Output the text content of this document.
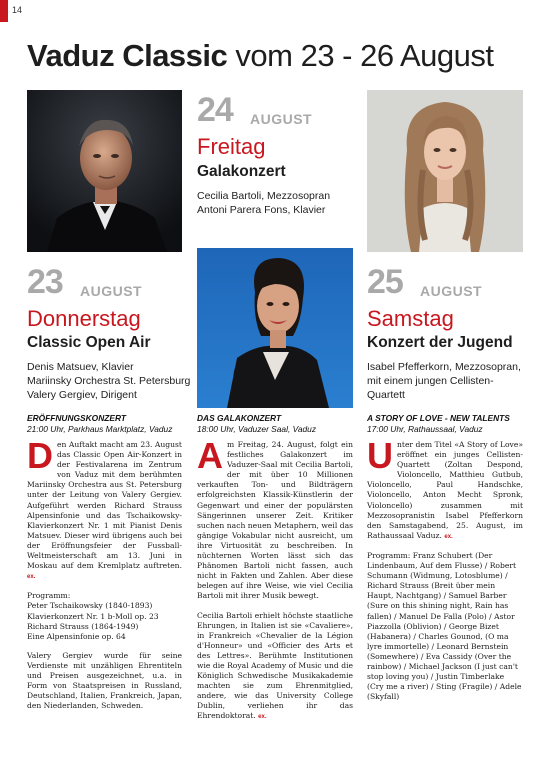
14
Vaduz Classic vom 23 - 26 August
24 AUGUST
Freitag
Galakonzert
Cecilia Bartoli, Mezzosopran
Antoni Parera Fons, Klavier
23 AUGUST
Donnerstag
Classic Open Air
Denis Matsuev, Klavier
Mariinsky Orchestra St. Petersburg
Valery Gergiev, Dirigent
25 AUGUST
Samstag
Konzert der Jugend
Isabel Pfefferkorn, Mezzosopran,
mit einem jungen Cellisten-
Quartett
ERÖFFNUNGSKONZERT
21:00 Uhr, Parkhaus Marktplatz, Vaduz
DAS GALAKONZERT
18:00 Uhr, Vaduzer Saal, Vaduz
A STORY OF LOVE - NEW TALENTS
17:00 Uhr, Rathaussaal, Vaduz

Den Auftakt macht am 23. August das Classic Open Air-Konzert in der Festivalarena im Zentrum von Vaduz mit dem berühmten Mariinsky Orchestra aus St. Petersburg unter der Leitung von Valery Gergiev. Aufgeführt werden Richard Strauss Alpensinfonie und das Tschaikowsky-Klavierkonzert Nr. 1 mit Pianist Denis Matsuev. Dieser wird übrigens auch bei der Eröffnungsfeier der Fussball-Weltmeisterschaft am 13. Juni in Moskau auf dem Kremlplatz auftreten. ex.

Programm:
Peter Tschaikowsky (1840-1893)
Klavierkonzert Nr. 1 b-Moll op. 23
Richard Strauss (1864-1949)
Eine Alpensinfonie op. 64

Valery Gergiev wurde für seine Verdienste mit unzähligen Ehrentiteln und Preisen ausgezeichnet, u.a. in Form von Staatspreisen in Russland, Deutschland, Italien, Frankreich, Japan, den Niederlanden, Schweden.

Am Freitag, 24. August, folgt ein festliches Galakonzert im Vaduzer-Saal mit Cecilia Bartoli, der mit über 10 Millionen verkauften Ton- und Bildträgern erfolgreichsten Klassik-Künstlerin der Gegenwart und einer der populärsten Sängerinnen unserer Zeit. Kritiker suchen nach neuen Metaphern, weil das gängige Vokabular nicht ausreicht, um ihre Virtuosität zu beschreiben. In nüchternen Worten lässt sich das Phänomen Bartoli nicht fassen, auch nicht in Fakten und Zahlen. Aber diese belegen auf ihre Weise, wie viel Cecilia Bartoli mit ihrer Musik bewegt.

Cecilia Bartoli erhielt höchste staatliche Ehrungen, in Italien ist sie «Cavaliere», in Frankreich «Chevalier de la Légion d'Honneur» und «Officier des Arts et des Lettres». Berühmte Institutionen wie die Royal Academy of Music und die Königlich Schwedische Musikakademie machten sie zum Ehrenmitglied, andere, wie das University College Dublin, verliehen ihr das Ehrendoktorat. ex.

Unter dem Titel «A Story of Love» eröffnet ein junges Cellisten-Quartett (Zoltan Despond, Violoncello, Matthieu Gutbub, Violoncello, Paul Handschke, Violoncello, Anton Mecht Spronk, Violoncello) zusammen mit Mezzosopranistin Isabel Pfefferkorn den Samstagabend, 25. August, im Rathaussaal Vaduz. ex.

Programm: Franz Schubert (Der Lindenbaum, Auf dem Flusse) / Robert Schumann (Widmung, Lotosblume) / Richard Strauss (Breit über mein Haupt, Nachtgang) / Samuel Barber (Sure on this shining night, Rain has fallen) / Manuel De Falla (Polo) / Astor Piazzolla (Oblivion) / George Bizet (Habanera) / Charles Gounod, (O ma lyre immortelle) / Leonard Bernstein (Somewhere) / Eva Cassidy (Over the rainbow) / Michael Jackson (I just can't stop loving you) / Justin Timberlake (Cry me a river) / Sting (Fragile) / Adele (Skyfall)
